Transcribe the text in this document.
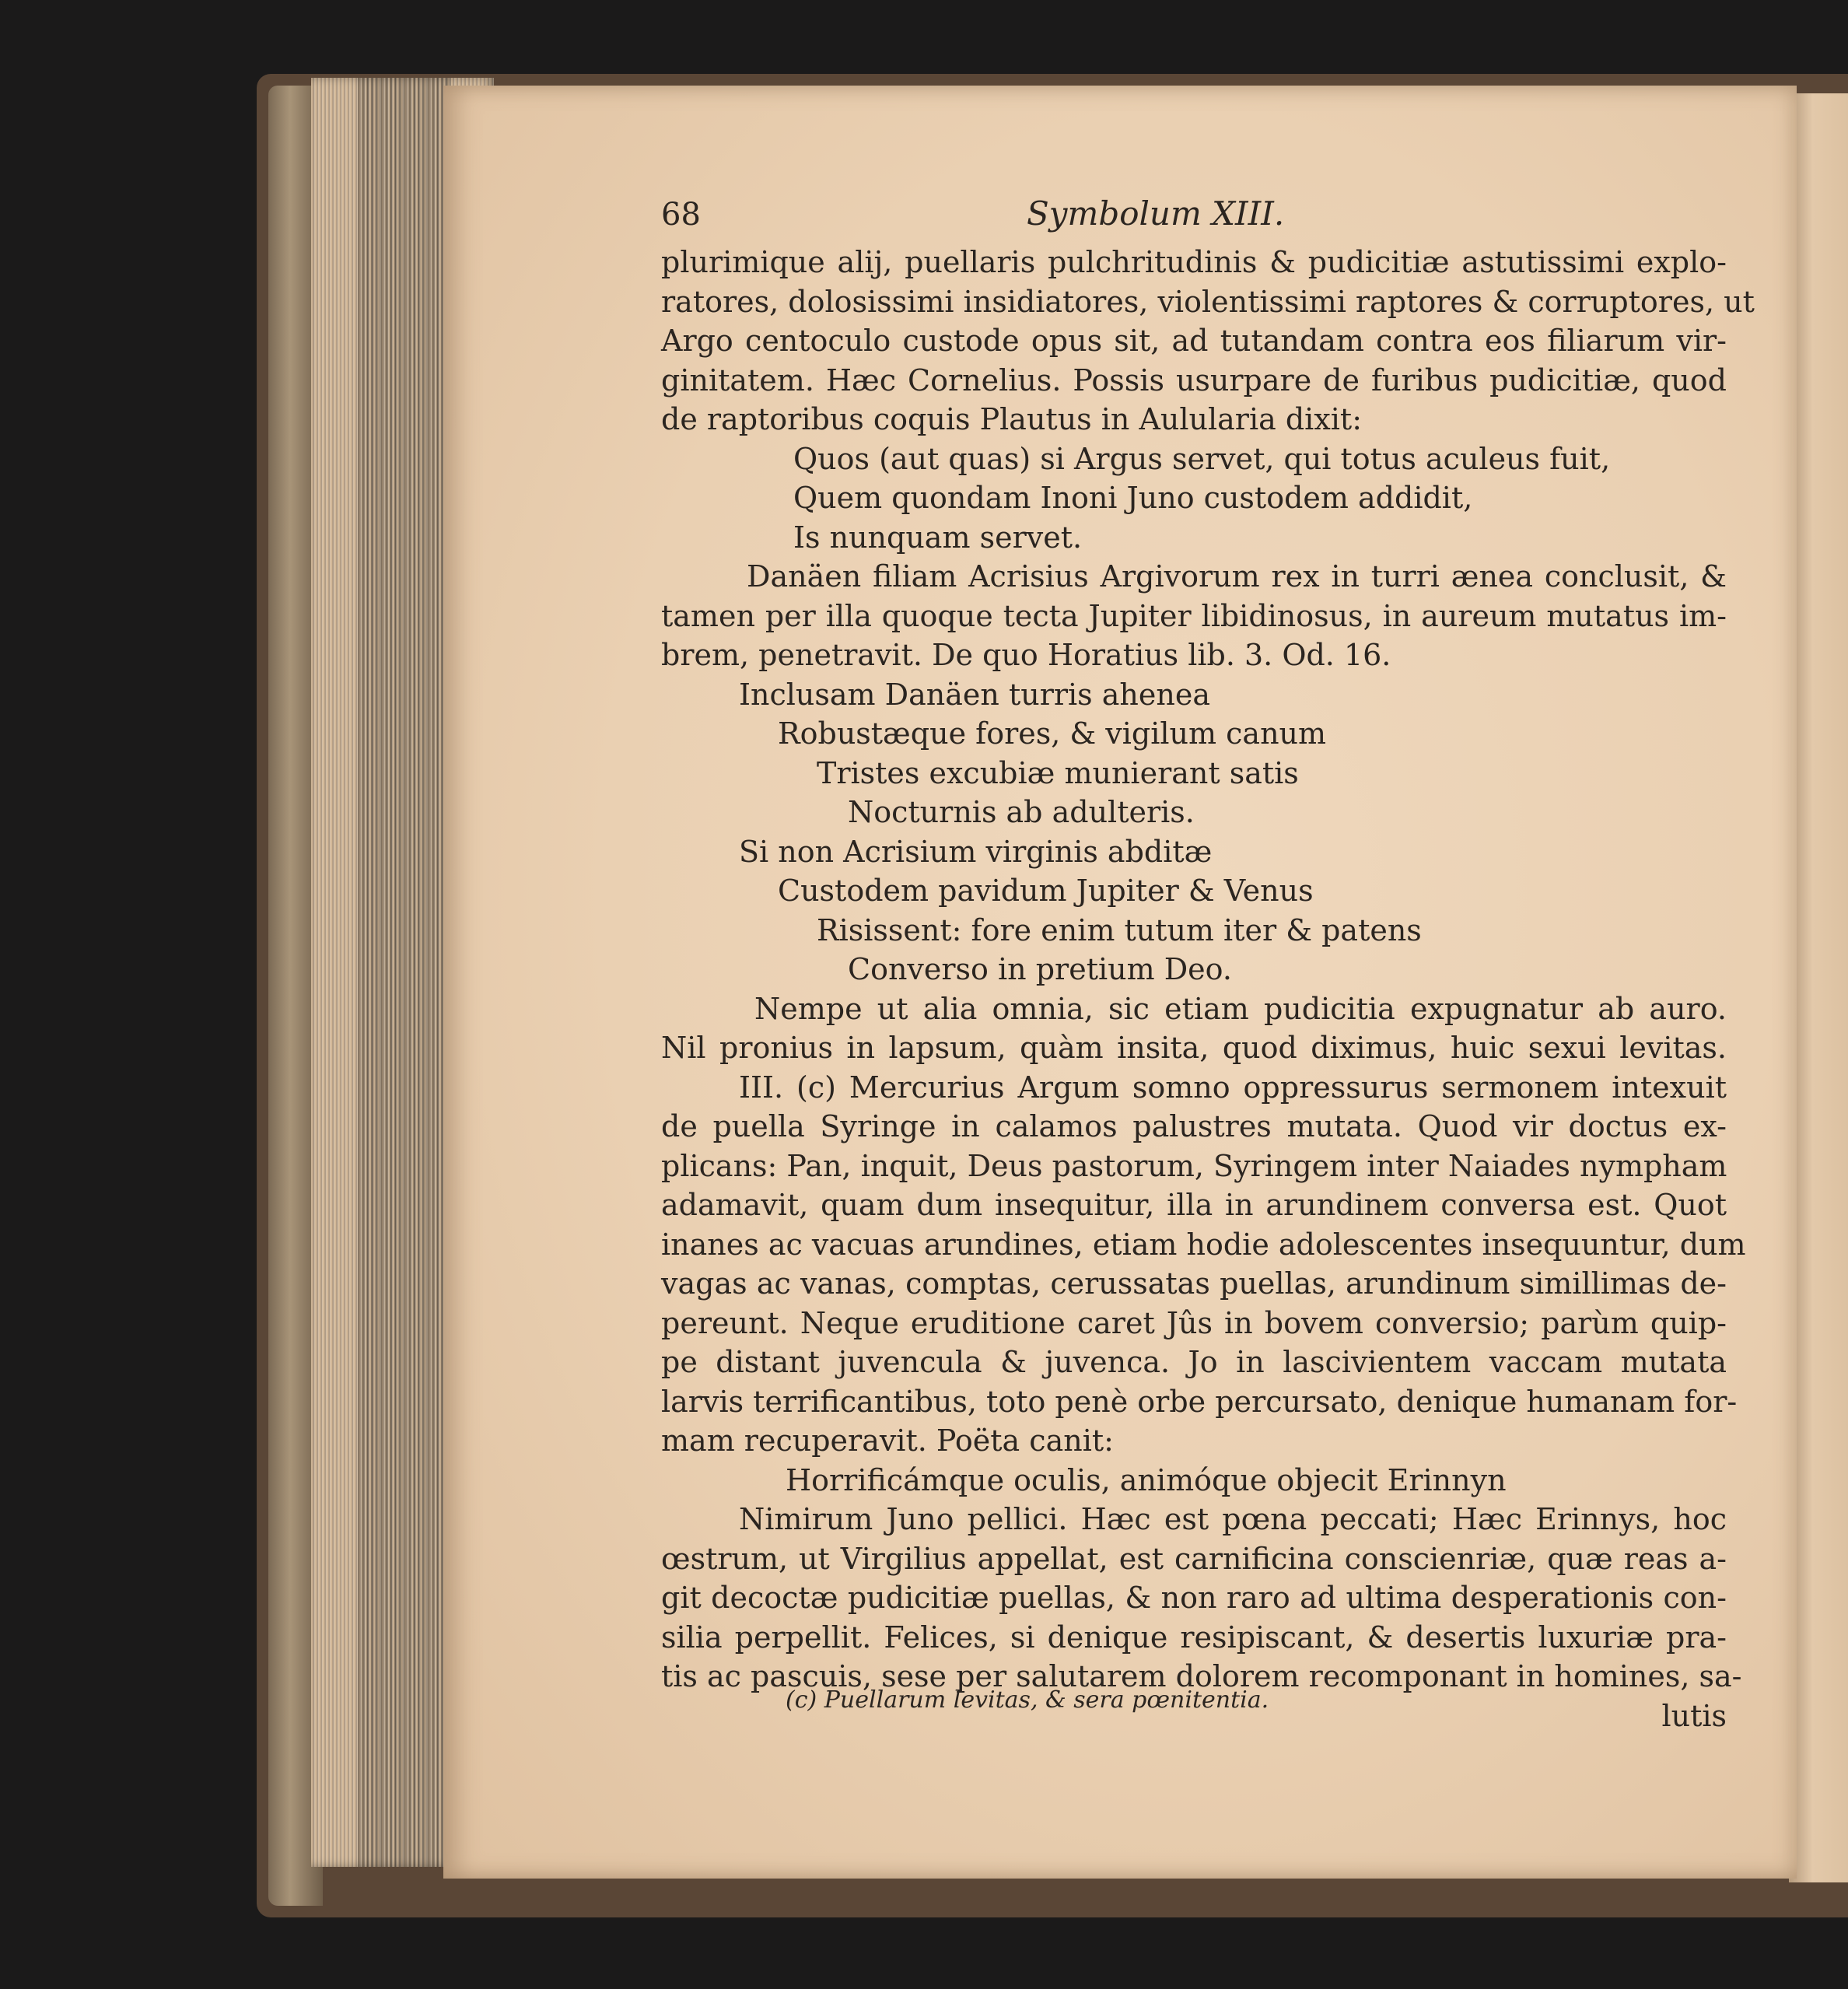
68	Symbolum XIII.
plurimique alij, puellaris pulchritudinis & pudicitiæ astutissimi explo-
ratores, dolosissimi insidiatores, violentissimi raptores & corruptores, ut
Argo centoculo custode opus sit, ad tutandam contra eos filiarum vir-
ginitatem. Hæc Cornelius. Possis usurpare de furibus pudicitiæ, quod
de raptoribus coquis Plautus in Aulularia dixit:
Quos (aut quas) si Argus servet, qui totus aculeus fuit,
Quem quondam Inoni Juno custodem addidit,
Is nunquam servet.
Danäen filiam Acrisius Argivorum rex in turri ænea conclusit, &
tamen per illa quoque tecta Jupiter libidinosus, in aureum mutatus im-
brem, penetravit. De quo Horatius lib. 3. Od. 16.
Inclusam Danäen turris ahenea
Robustæque fores, & vigilum canum
Tristes excubiæ munierant satis
Nocturnis ab adulteris.
Si non Acrisium virginis abditæ
Custodem pavidum Jupiter & Venus
Risissent: fore enim tutum iter & patens
Converso in pretium Deo.
Nempe ut alia omnia, sic etiam pudicitia expugnatur ab auro.
Nil pronius in lapsum, quàm insita, quod diximus, huic sexui levitas.
III. (c) Mercurius Argum somno oppressurus sermonem intexuit
de puella Syringe in calamos palustres mutata. Quod vir doctus ex-
plicans: Pan, inquit, Deus pastorum, Syringem inter Naiades nympham
adamavit, quam dum insequitur, illa in arundinem conversa est. Quot
inanes ac vacuas arundines, etiam hodie adolescentes insequuntur, dum
vagas ac vanas, comptas, cerussatas puellas, arundinum simillimas de-
pereunt. Neque eruditione caret Jûs in bovem conversio; parùm quip-
pe distant juvencula & juvenca. Jo in lascivientem vaccam mutata
larvis terrificantibus, toto penè orbe percursato, denique humanam for-
mam recuperavit. Poëta canit:
Horrificámque oculis, animóque objecit Erinnyn
Nimirum Juno pellici. Hæc est pœna peccati; Hæc Erinnys, hoc
œstrum, ut Virgilius appellat, est carnificina conscienriæ, quæ reas a-
git decoctæ pudicitiæ puellas, & non raro ad ultima desperationis con-
silia perpellit. Felices, si denique resipiscant, & desertis luxuriæ pra-
tis ac pascuis, sese per salutarem dolorem recomponant in homines, sa-
lutis
(c) Puellarum levitas, & sera pœnitentia.
